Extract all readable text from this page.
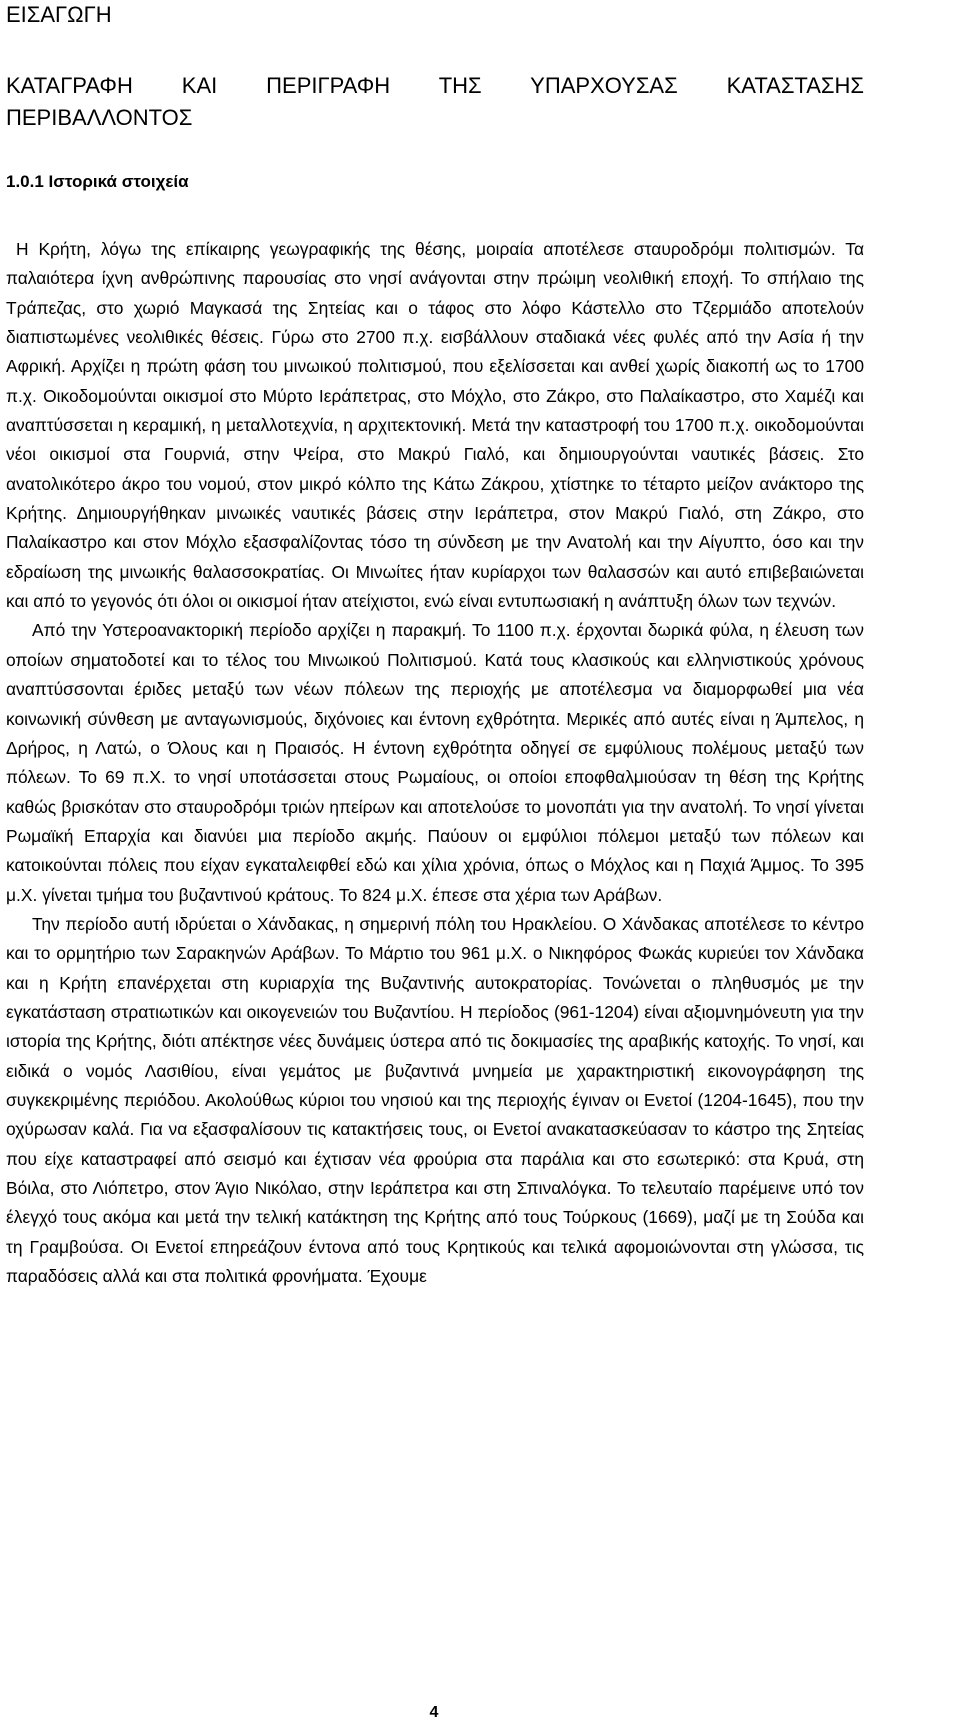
ΕΙΣΑΓΩΓΗ
ΚΑΤΑΓΡΑΦΗ ΚΑΙ ΠΕΡΙΓΡΑΦΗ ΤΗΣ ΥΠΑΡΧΟΥΣΑΣ ΚΑΤΑΣΤΑΣΗΣ
ΠΕΡΙΒΑΛΛΟΝΤΟΣ
1.0.1 Ιστορικά στοιχεία

Η Κρήτη, λόγω της επίκαιρης γεωγραφικής της θέσης, μοιραία αποτέλεσε σταυροδρόμι πολιτισμών. Τα παλαιότερα ίχνη ανθρώπινης παρουσίας στο νησί ανάγονται στην πρώιμη νεολιθική εποχή. Το σπήλαιο της Τράπεζας, στο χωριό Μαγκασά της Σητείας και ο τάφος στο λόφο Κάστελλο στο Τζερμιάδο αποτελούν διαπιστωμένες νεολιθικές θέσεις. Γύρω στο 2700 π.χ. εισβάλλουν σταδιακά νέες φυλές από την Ασία ή την Αφρική. Αρχίζει η πρώτη φάση του μινωικού πολιτισμού, που εξελίσσεται και ανθεί χωρίς διακοπή ως το 1700 π.χ. Οικοδομούνται οικισμοί στο Μύρτο Ιεράπετρας, στο Μόχλο, στο Ζάκρο, στο Παλαίκαστρο, στο Χαμέζι και αναπτύσσεται η κεραμική, η μεταλλοτεχνία, η αρχιτεκτονική. Μετά την καταστροφή του 1700 π.χ. οικοδομούνται νέοι οικισμοί στα Γουρνιά, στην Ψείρα, στο Μακρύ Γιαλό, και δημιουργούνται ναυτικές βάσεις. Στο ανατολικότερο άκρο του νομού, στον μικρό κόλπο της Κάτω Ζάκρου, χτίστηκε το τέταρτο μείζον ανάκτορο της Κρήτης. Δημιουργήθηκαν μινωικές ναυτικές βάσεις στην Ιεράπετρα, στον Μακρύ Γιαλό, στη Ζάκρο, στο Παλαίκαστρο και στον Μόχλο εξασφαλίζοντας τόσο τη σύνδεση με την Ανατολή και την Αίγυπτο, όσο και την εδραίωση της μινωικής θαλασσοκρατίας. Οι Μινωίτες ήταν κυρίαρχοι των θαλασσών και αυτό επιβεβαιώνεται και από το γεγονός ότι όλοι οι οικισμοί ήταν ατείχιστοι, ενώ είναι εντυπωσιακή η ανάπτυξη όλων των τεχνών.

Από την Υστεροανακτορική περίοδο αρχίζει η παρακμή. Το 1100 π.χ. έρχονται δωρικά φύλα, η έλευση των οποίων σηματοδοτεί και το τέλος του Μινωικού Πολιτισμού. Κατά τους κλασικούς και ελληνιστικούς χρόνους αναπτύσσονται έριδες μεταξύ των νέων πόλεων της περιοχής με αποτέλεσμα να διαμορφωθεί μια νέα κοινωνική σύνθεση με ανταγωνισμούς, διχόνοιες και έντονη εχθρότητα. Μερικές από αυτές είναι η Άμπελος, η Δρήρος, η Λατώ, ο Όλους και η Πραισός. Η έντονη εχθρότητα οδηγεί σε εμφύλιους πολέμους μεταξύ των πόλεων. Το 69 π.Χ. το νησί υποτάσσεται στους Ρωμαίους, οι οποίοι εποφθαλμιούσαν τη θέση της Κρήτης καθώς βρισκόταν στο σταυροδρόμι τριών ηπείρων και αποτελούσε το μονοπάτι για την ανατολή. Το νησί γίνεται Ρωμαϊκή Επαρχία και διανύει μια περίοδο ακμής. Παύουν οι εμφύλιοι πόλεμοι μεταξύ των πόλεων και κατοικούνται πόλεις που είχαν εγκαταλειφθεί εδώ και χίλια χρόνια, όπως ο Μόχλος και η Παχιά Άμμος. Το 395 μ.Χ. γίνεται τμήμα του βυζαντινού κράτους. Το 824 μ.Χ. έπεσε στα χέρια των Αράβων.

Την περίοδο αυτή ιδρύεται ο Χάνδακας, η σημερινή πόλη του Ηρακλείου. Ο Χάνδακας αποτέλεσε το κέντρο και το ορμητήριο των Σαρακηνών Αράβων. Το Μάρτιο του 961 μ.Χ. ο Νικηφόρος Φωκάς κυριεύει τον Χάνδακα και η Κρήτη επανέρχεται στη κυριαρχία της Βυζαντινής αυτοκρατορίας. Τονώνεται ο πληθυσμός με την εγκατάσταση στρατιωτικών και οικογενειών του Βυζαντίου. Η περίοδος (961-1204) είναι αξιομνημόνευτη για την ιστορία της Κρήτης, διότι απέκτησε νέες δυνάμεις ύστερα από τις δοκιμασίες της αραβικής κατοχής. Το νησί, και ειδικά ο νομός Λασιθίου, είναι γεμάτος με βυζαντινά μνημεία με χαρακτηριστική εικονογράφηση της συγκεκριμένης περιόδου. Ακολούθως κύριοι του νησιού και της περιοχής έγιναν οι Ενετοί (1204-1645), που την οχύρωσαν καλά. Για να εξασφαλίσουν τις κατακτήσεις τους, οι Ενετοί ανακατασκεύασαν το κάστρο της Σητείας που είχε καταστραφεί από σεισμό και έχτισαν νέα φρούρια στα παράλια και στο εσωτερικό: στα Κρυά, στη Βόιλα, στο Λιόπετρο, στον Άγιο Νικόλαο, στην Ιεράπετρα και στη Σπιναλόγκα. Το τελευταίο παρέμεινε υπό τον έλεγχό τους ακόμα και μετά την τελική κατάκτηση της Κρήτης από τους Τούρκους (1669), μαζί με τη Σούδα και τη Γραμβούσα. Οι Ενετοί επηρεάζουν έντονα από τους Κρητικούς και τελικά αφομοιώνονται στη γλώσσα, τις παραδόσεις αλλά και στα πολιτικά φρονήματα. Έχουμε

4
